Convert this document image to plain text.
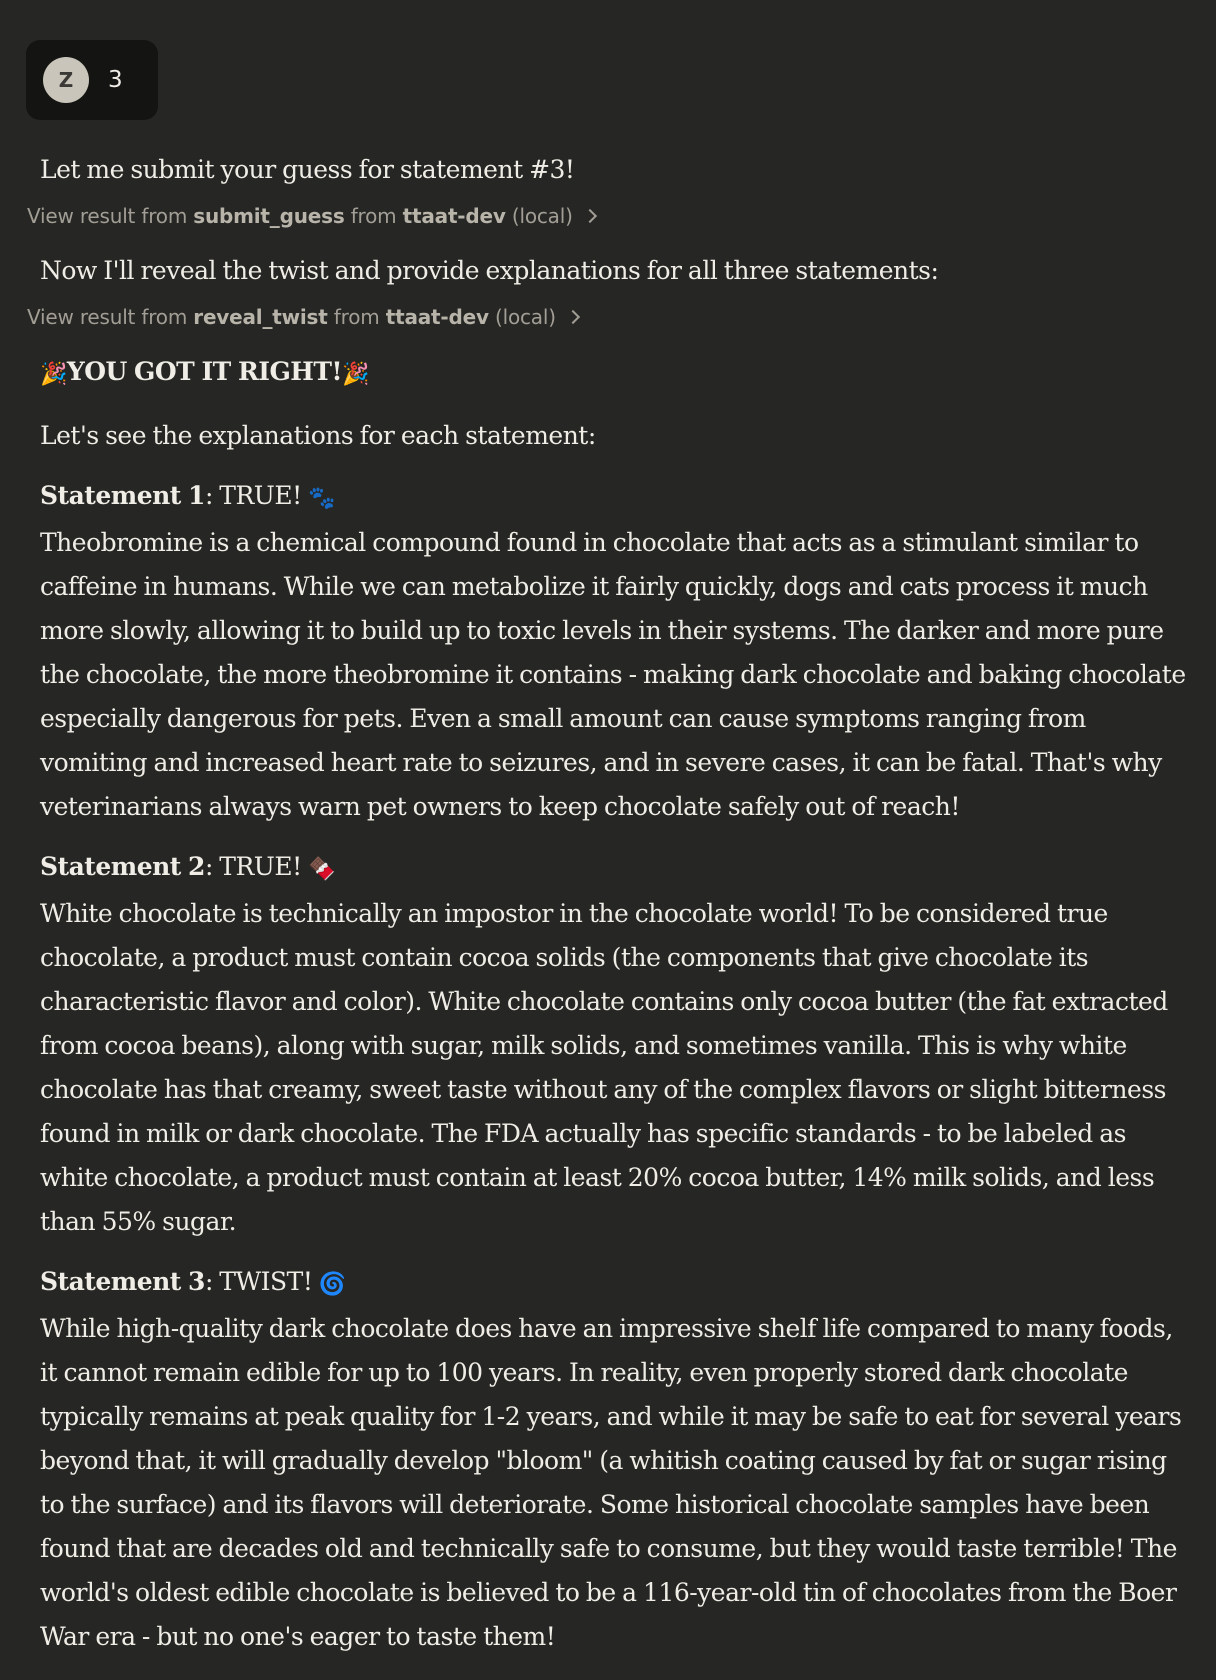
Z	3

Let me submit your guess for statement #3!

View result from
submit_guess
from
ttaat-dev
(local)

Now I'll reveal the twist and provide explanations for all three statements:

View result from
reveal_twist
from
ttaat-dev
(local)

🎉YOU GOT IT RIGHT!🎉

Let's see the explanations for each statement:

Statement 1: TRUE! 🐾

Theobromine is a chemical compound found in chocolate that acts as a stimulant similar to caffeine in humans. While we can metabolize it fairly quickly, dogs and cats process it much more slowly, allowing it to build up to toxic levels in their systems. The darker and more pure the chocolate, the more theobromine it contains - making dark chocolate and baking chocolate especially dangerous for pets. Even a small amount can cause symptoms ranging from vomiting and increased heart rate to seizures, and in severe cases, it can be fatal. That's why veterinarians always warn pet owners to keep chocolate safely out of reach!

Statement 2: TRUE! 🍫

White chocolate is technically an impostor in the chocolate world! To be considered true chocolate, a product must contain cocoa solids (the components that give chocolate its characteristic flavor and color). White chocolate contains only cocoa butter (the fat extracted from cocoa beans), along with sugar, milk solids, and sometimes vanilla. This is why white chocolate has that creamy, sweet taste without any of the complex flavors or slight bitterness found in milk or dark chocolate. The FDA actually has specific standards - to be labeled as white chocolate, a product must contain at least 20% cocoa butter, 14% milk solids, and less than 55% sugar.

Statement 3: TWIST! 🌀

While high-quality dark chocolate does have an impressive shelf life compared to many foods, it cannot remain edible for up to 100 years. In reality, even properly stored dark chocolate typically remains at peak quality for 1-2 years, and while it may be safe to eat for several years beyond that, it will gradually develop "bloom" (a whitish coating caused by fat or sugar rising to the surface) and its flavors will deteriorate. Some historical chocolate samples have been found that are decades old and technically safe to consume, but they would taste terrible! The world's oldest edible chocolate is believed to be a 116-year-old tin of chocolates from the Boer War era - but no one's eager to taste them!
